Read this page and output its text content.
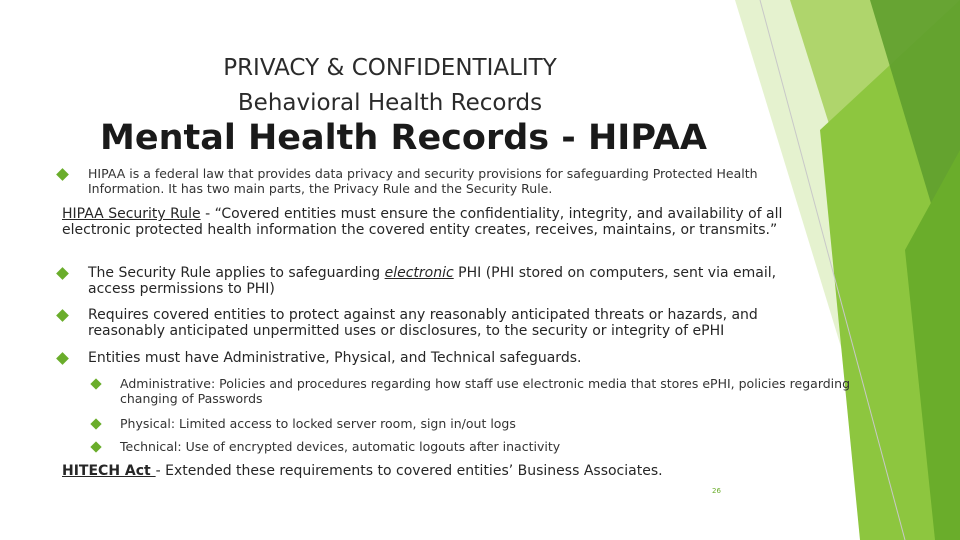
PRIVACY & CONFIDENTIALITY
Behavioral Health Records
Mental Health Records - HIPAA
HIPAA is a federal law that provides data privacy and security provisions for safeguarding Protected Health Information. It has two main parts, the Privacy Rule and the Security Rule.
HIPAA Security Rule - “Covered entities must ensure the confidentiality, integrity, and availability of all electronic protected health information the covered entity creates, receives, maintains, or transmits.”
The Security Rule applies to safeguarding electronic PHI (PHI stored on computers, sent via email, access permissions to PHI)
Requires covered entities to protect against any reasonably anticipated threats or hazards, and reasonably anticipated unpermitted uses or disclosures, to the security or integrity of ePHI
Entities must have Administrative, Physical, and Technical safeguards.
Administrative: Policies and procedures regarding how staff use electronic media that stores ePHI, policies regarding changing of Passwords
Physical: Limited access to locked server room, sign in/out logs
Technical: Use of encrypted devices, automatic logouts after inactivity
HITECH Act - Extended these requirements to covered entities’ Business Associates.
26
